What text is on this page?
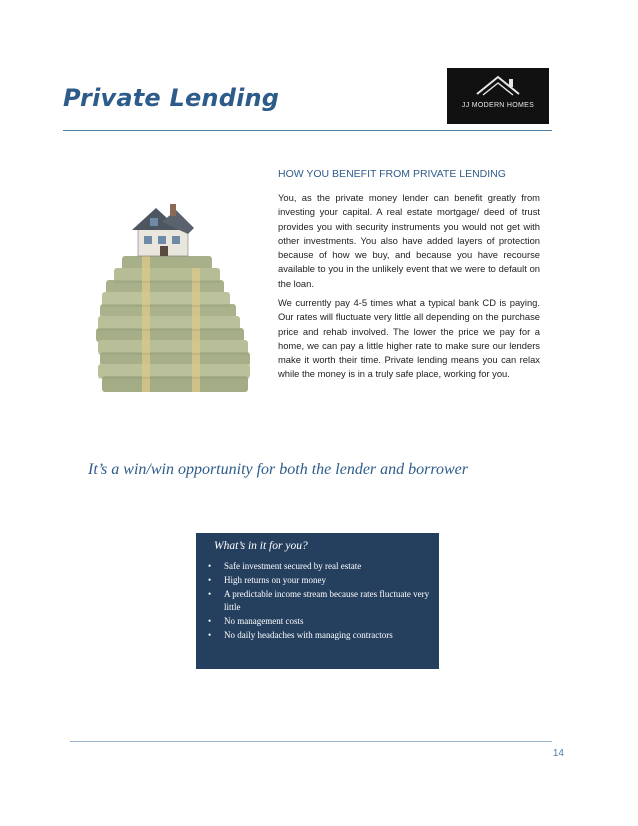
Private Lending	JJ MODERN HOMES
HOW YOU BENEFIT FROM PRIVATE LENDING

You, as the private money lender can benefit greatly from investing your capital. A real estate mortgage/ deed of trust provides you with security instruments you would not get with other investments. You also have added layers of protection because of how we buy, and because you have recourse available to you in the unlikely event that we were to default on the loan.

We currently pay 4-5 times what a typical bank CD is paying. Our rates will fluctuate very little all depending on the purchase price and rehab involved. The lower the price we pay for a home, we can pay a little higher rate to make sure our lenders make it worth their time. Private lending means you can relax while the money is in a truly safe place, working for you.

It’s a win/win opportunity for both the lender and borrower

What’s in it for you?
• Safe investment secured by real estate
• High returns on your money
• A predictable income stream because rates fluctuate very little
• No management costs
• No daily headaches with managing contractors
14
